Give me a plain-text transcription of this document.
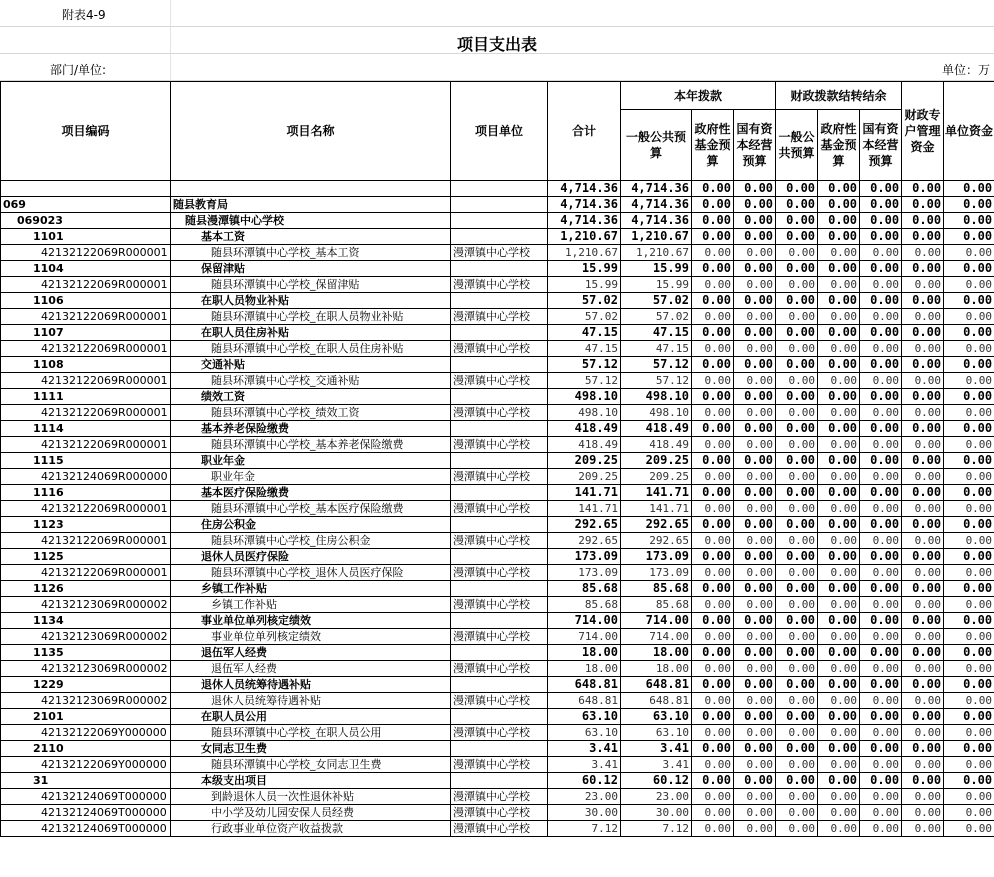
附表4-9
项目支出表
部门/单位:	单位：万
项目编码	项目名称	项目单位	合计	本年拨款			财政拨款结转结余			财政专户管理资金	单位资金
				一般公共预算	政府性基金预算	国有资本经营预算	一般公共预算	政府性基金预算	国有资本经营预算		
			4,714.36	4,714.36	0.00	0.00	0.00	0.00	0.00	0.00	0.00
069	随县教育局		4,714.36	4,714.36	0.00	0.00	0.00	0.00	0.00	0.00	0.00
069023	随县漫潭镇中心学校		4,714.36	4,714.36	0.00	0.00	0.00	0.00	0.00	0.00	0.00
1101	基本工资		1,210.67	1,210.67	0.00	0.00	0.00	0.00	0.00	0.00	0.00
42132122069R000001	随县环潭镇中心学校_基本工资	漫潭镇中心学校	1,210.67	1,210.67	0.00	0.00	0.00	0.00	0.00	0.00	0.00
1104	保留津贴		15.99	15.99	0.00	0.00	0.00	0.00	0.00	0.00	0.00
42132122069R000001	随县环潭镇中心学校_保留津贴	漫潭镇中心学校	15.99	15.99	0.00	0.00	0.00	0.00	0.00	0.00	0.00
1106	在职人员物业补贴		57.02	57.02	0.00	0.00	0.00	0.00	0.00	0.00	0.00
42132122069R000001	随县环潭镇中心学校_在职人员物业补贴	漫潭镇中心学校	57.02	57.02	0.00	0.00	0.00	0.00	0.00	0.00	0.00
1107	在职人员住房补贴		47.15	47.15	0.00	0.00	0.00	0.00	0.00	0.00	0.00
42132122069R000001	随县环潭镇中心学校_在职人员住房补贴	漫潭镇中心学校	47.15	47.15	0.00	0.00	0.00	0.00	0.00	0.00	0.00
1108	交通补贴		57.12	57.12	0.00	0.00	0.00	0.00	0.00	0.00	0.00
42132122069R000001	随县环潭镇中心学校_交通补贴	漫潭镇中心学校	57.12	57.12	0.00	0.00	0.00	0.00	0.00	0.00	0.00
1111	绩效工资		498.10	498.10	0.00	0.00	0.00	0.00	0.00	0.00	0.00
42132122069R000001	随县环潭镇中心学校_绩效工资	漫潭镇中心学校	498.10	498.10	0.00	0.00	0.00	0.00	0.00	0.00	0.00
1114	基本养老保险缴费		418.49	418.49	0.00	0.00	0.00	0.00	0.00	0.00	0.00
42132122069R000001	随县环潭镇中心学校_基本养老保险缴费	漫潭镇中心学校	418.49	418.49	0.00	0.00	0.00	0.00	0.00	0.00	0.00
1115	职业年金		209.25	209.25	0.00	0.00	0.00	0.00	0.00	0.00	0.00
42132124069R000000	职业年金	漫潭镇中心学校	209.25	209.25	0.00	0.00	0.00	0.00	0.00	0.00	0.00
1116	基本医疗保险缴费		141.71	141.71	0.00	0.00	0.00	0.00	0.00	0.00	0.00
42132122069R000001	随县环潭镇中心学校_基本医疗保险缴费	漫潭镇中心学校	141.71	141.71	0.00	0.00	0.00	0.00	0.00	0.00	0.00
1123	住房公积金		292.65	292.65	0.00	0.00	0.00	0.00	0.00	0.00	0.00
42132122069R000001	随县环潭镇中心学校_住房公积金	漫潭镇中心学校	292.65	292.65	0.00	0.00	0.00	0.00	0.00	0.00	0.00
1125	退休人员医疗保险		173.09	173.09	0.00	0.00	0.00	0.00	0.00	0.00	0.00
42132122069R000001	随县环潭镇中心学校_退休人员医疗保险	漫潭镇中心学校	173.09	173.09	0.00	0.00	0.00	0.00	0.00	0.00	0.00
1126	乡镇工作补贴		85.68	85.68	0.00	0.00	0.00	0.00	0.00	0.00	0.00
42132123069R000002	乡镇工作补贴	漫潭镇中心学校	85.68	85.68	0.00	0.00	0.00	0.00	0.00	0.00	0.00
1134	事业单位单列核定绩效		714.00	714.00	0.00	0.00	0.00	0.00	0.00	0.00	0.00
42132123069R000002	事业单位单列核定绩效	漫潭镇中心学校	714.00	714.00	0.00	0.00	0.00	0.00	0.00	0.00	0.00
1135	退伍军人经费		18.00	18.00	0.00	0.00	0.00	0.00	0.00	0.00	0.00
42132123069R000002	退伍军人经费	漫潭镇中心学校	18.00	18.00	0.00	0.00	0.00	0.00	0.00	0.00	0.00
1229	退休人员统筹待遇补贴		648.81	648.81	0.00	0.00	0.00	0.00	0.00	0.00	0.00
42132123069R000002	退休人员统筹待遇补贴	漫潭镇中心学校	648.81	648.81	0.00	0.00	0.00	0.00	0.00	0.00	0.00
2101	在职人员公用		63.10	63.10	0.00	0.00	0.00	0.00	0.00	0.00	0.00
42132122069Y000000	随县环潭镇中心学校_在职人员公用	漫潭镇中心学校	63.10	63.10	0.00	0.00	0.00	0.00	0.00	0.00	0.00
2110	女同志卫生费		3.41	3.41	0.00	0.00	0.00	0.00	0.00	0.00	0.00
42132122069Y000000	随县环潭镇中心学校_女同志卫生费	漫潭镇中心学校	3.41	3.41	0.00	0.00	0.00	0.00	0.00	0.00	0.00
31	本级支出项目		60.12	60.12	0.00	0.00	0.00	0.00	0.00	0.00	0.00
42132124069T000000	到龄退休人员一次性退休补贴	漫潭镇中心学校	23.00	23.00	0.00	0.00	0.00	0.00	0.00	0.00	0.00
42132124069T000000	中小学及幼儿园安保人员经费	漫潭镇中心学校	30.00	30.00	0.00	0.00	0.00	0.00	0.00	0.00	0.00
42132124069T000000	行政事业单位资产收益拨款	漫潭镇中心学校	7.12	7.12	0.00	0.00	0.00	0.00	0.00	0.00	0.00
